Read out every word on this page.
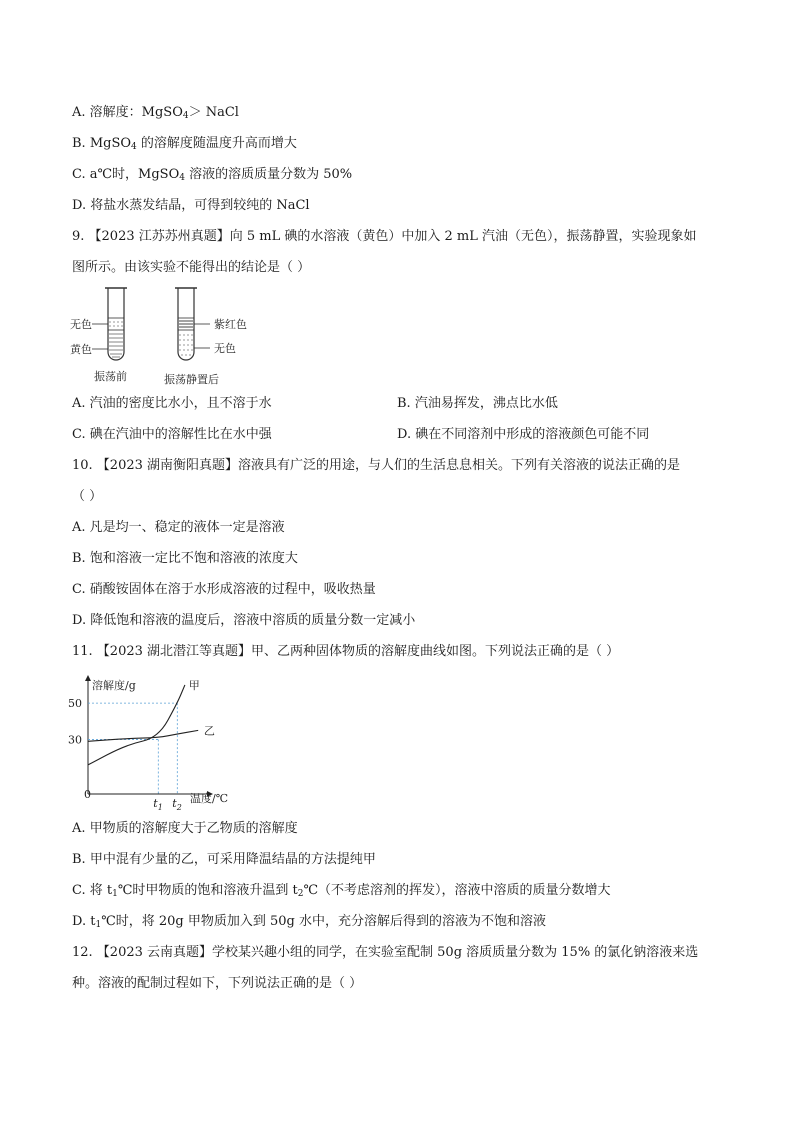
A. 溶解度：MgSO$_4$＞ NaCl
B. MgSO$_4$ 的溶解度随温度升高而增大
C. a℃时，MgSO$_4$ 溶液的溶质质量分数为 50%
D. 将盐水蒸发结晶，可得到较纯的 NaCl
9. 【2023 江苏苏州真题】向 5 mL 碘的水溶液（黄色）中加入 2 mL 汽油（无色），振荡静置，实验现象如
图所示。由该实验不能得出的结论是（ ）
无色
黄色
振荡前
紫红色
无色
振荡静置后
A. 汽油的密度比水小，且不溶于水	B. 汽油易挥发，沸点比水低
C. 碘在汽油中的溶解性比在水中强	D. 碘在不同溶剂中形成的溶液颜色可能不同
10. 【2023 湖南衡阳真题】溶液具有广泛的用途，与人们的生活息息相关。下列有关溶液的说法正确的是
（ ）
A. 凡是均一、稳定的液体一定是溶液
B. 饱和溶液一定比不饱和溶液的浓度大
C. 硝酸铵固体在溶于水形成溶液的过程中，吸收热量
D. 降低饱和溶液的温度后，溶液中溶质的质量分数一定减小
11. 【2023 湖北潜江等真题】甲、乙两种固体物质的溶解度曲线如图。下列说法正确的是（ ）
溶解度/g
温度/℃
0
甲
乙
50
30
$t_1$ $t_2$
A. 甲物质的溶解度大于乙物质的溶解度
B. 甲中混有少量的乙，可采用降温结晶的方法提纯甲
C. 将 $t_1℃$时甲物质的饱和溶液升温到 $t_2℃$（不考虑溶剂的挥发），溶液中溶质的质量分数增大
D. $t_1℃$时，将 20g 甲物质加入到 50g 水中，充分溶解后得到的溶液为不饱和溶液
12. 【2023 云南真题】学校某兴趣小组的同学，在实验室配制 50g 溶质质量分数为 15% 的氯化钠溶液来选
种。溶液的配制过程如下，下列说法正确的是（ ）
